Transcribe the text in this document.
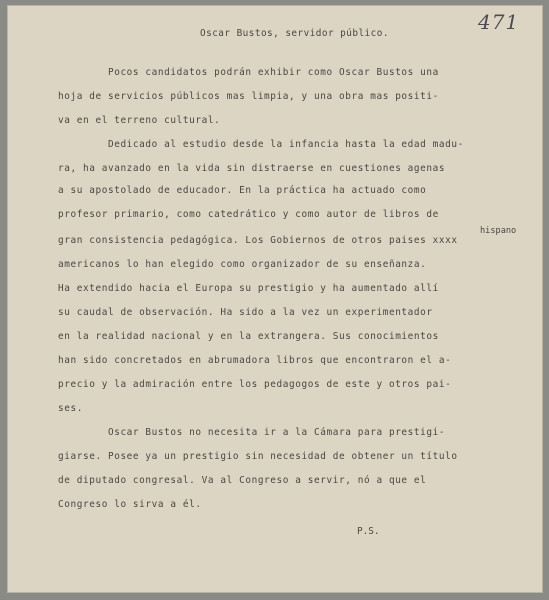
471
Oscar Bustos, servidor público.
Pocos candidatos podrán exhibir como Oscar Bustos una
hoja de servicios públicos mas limpia, y una obra mas positi-
va en el terreno cultural.
Dedicado al estudio desde la infancia hasta la edad madu-
ra, ha avanzado en la vida sin distraerse en cuestiones agenas
a su apostolado de educador. En la práctica ha actuado como
profesor primario, como catedrático y como autor de libros de
hispano
gran consistencia pedagógica. Los Gobiernos de otros paises xxxx
americanos lo han elegido como organizador de su enseñanza.
Ha extendido hacia el Europa su prestigio y ha aumentado allí
su caudal de observación. Ha sido a la vez un experimentador
en la realidad nacional y en la extrangera. Sus conocimientos
han sido concretados en abrumadora libros que encontraron el a-
precio y la admiración entre los pedagogos de este y otros pai-
ses.
Oscar Bustos no necesita ir a la Cámara para prestigi-
giarse. Posee ya un prestigio sin necesidad de obtener un título
de diputado congresal. Va al Congreso a servir, nó a que el
Congreso lo sirva a él.
P.S.
